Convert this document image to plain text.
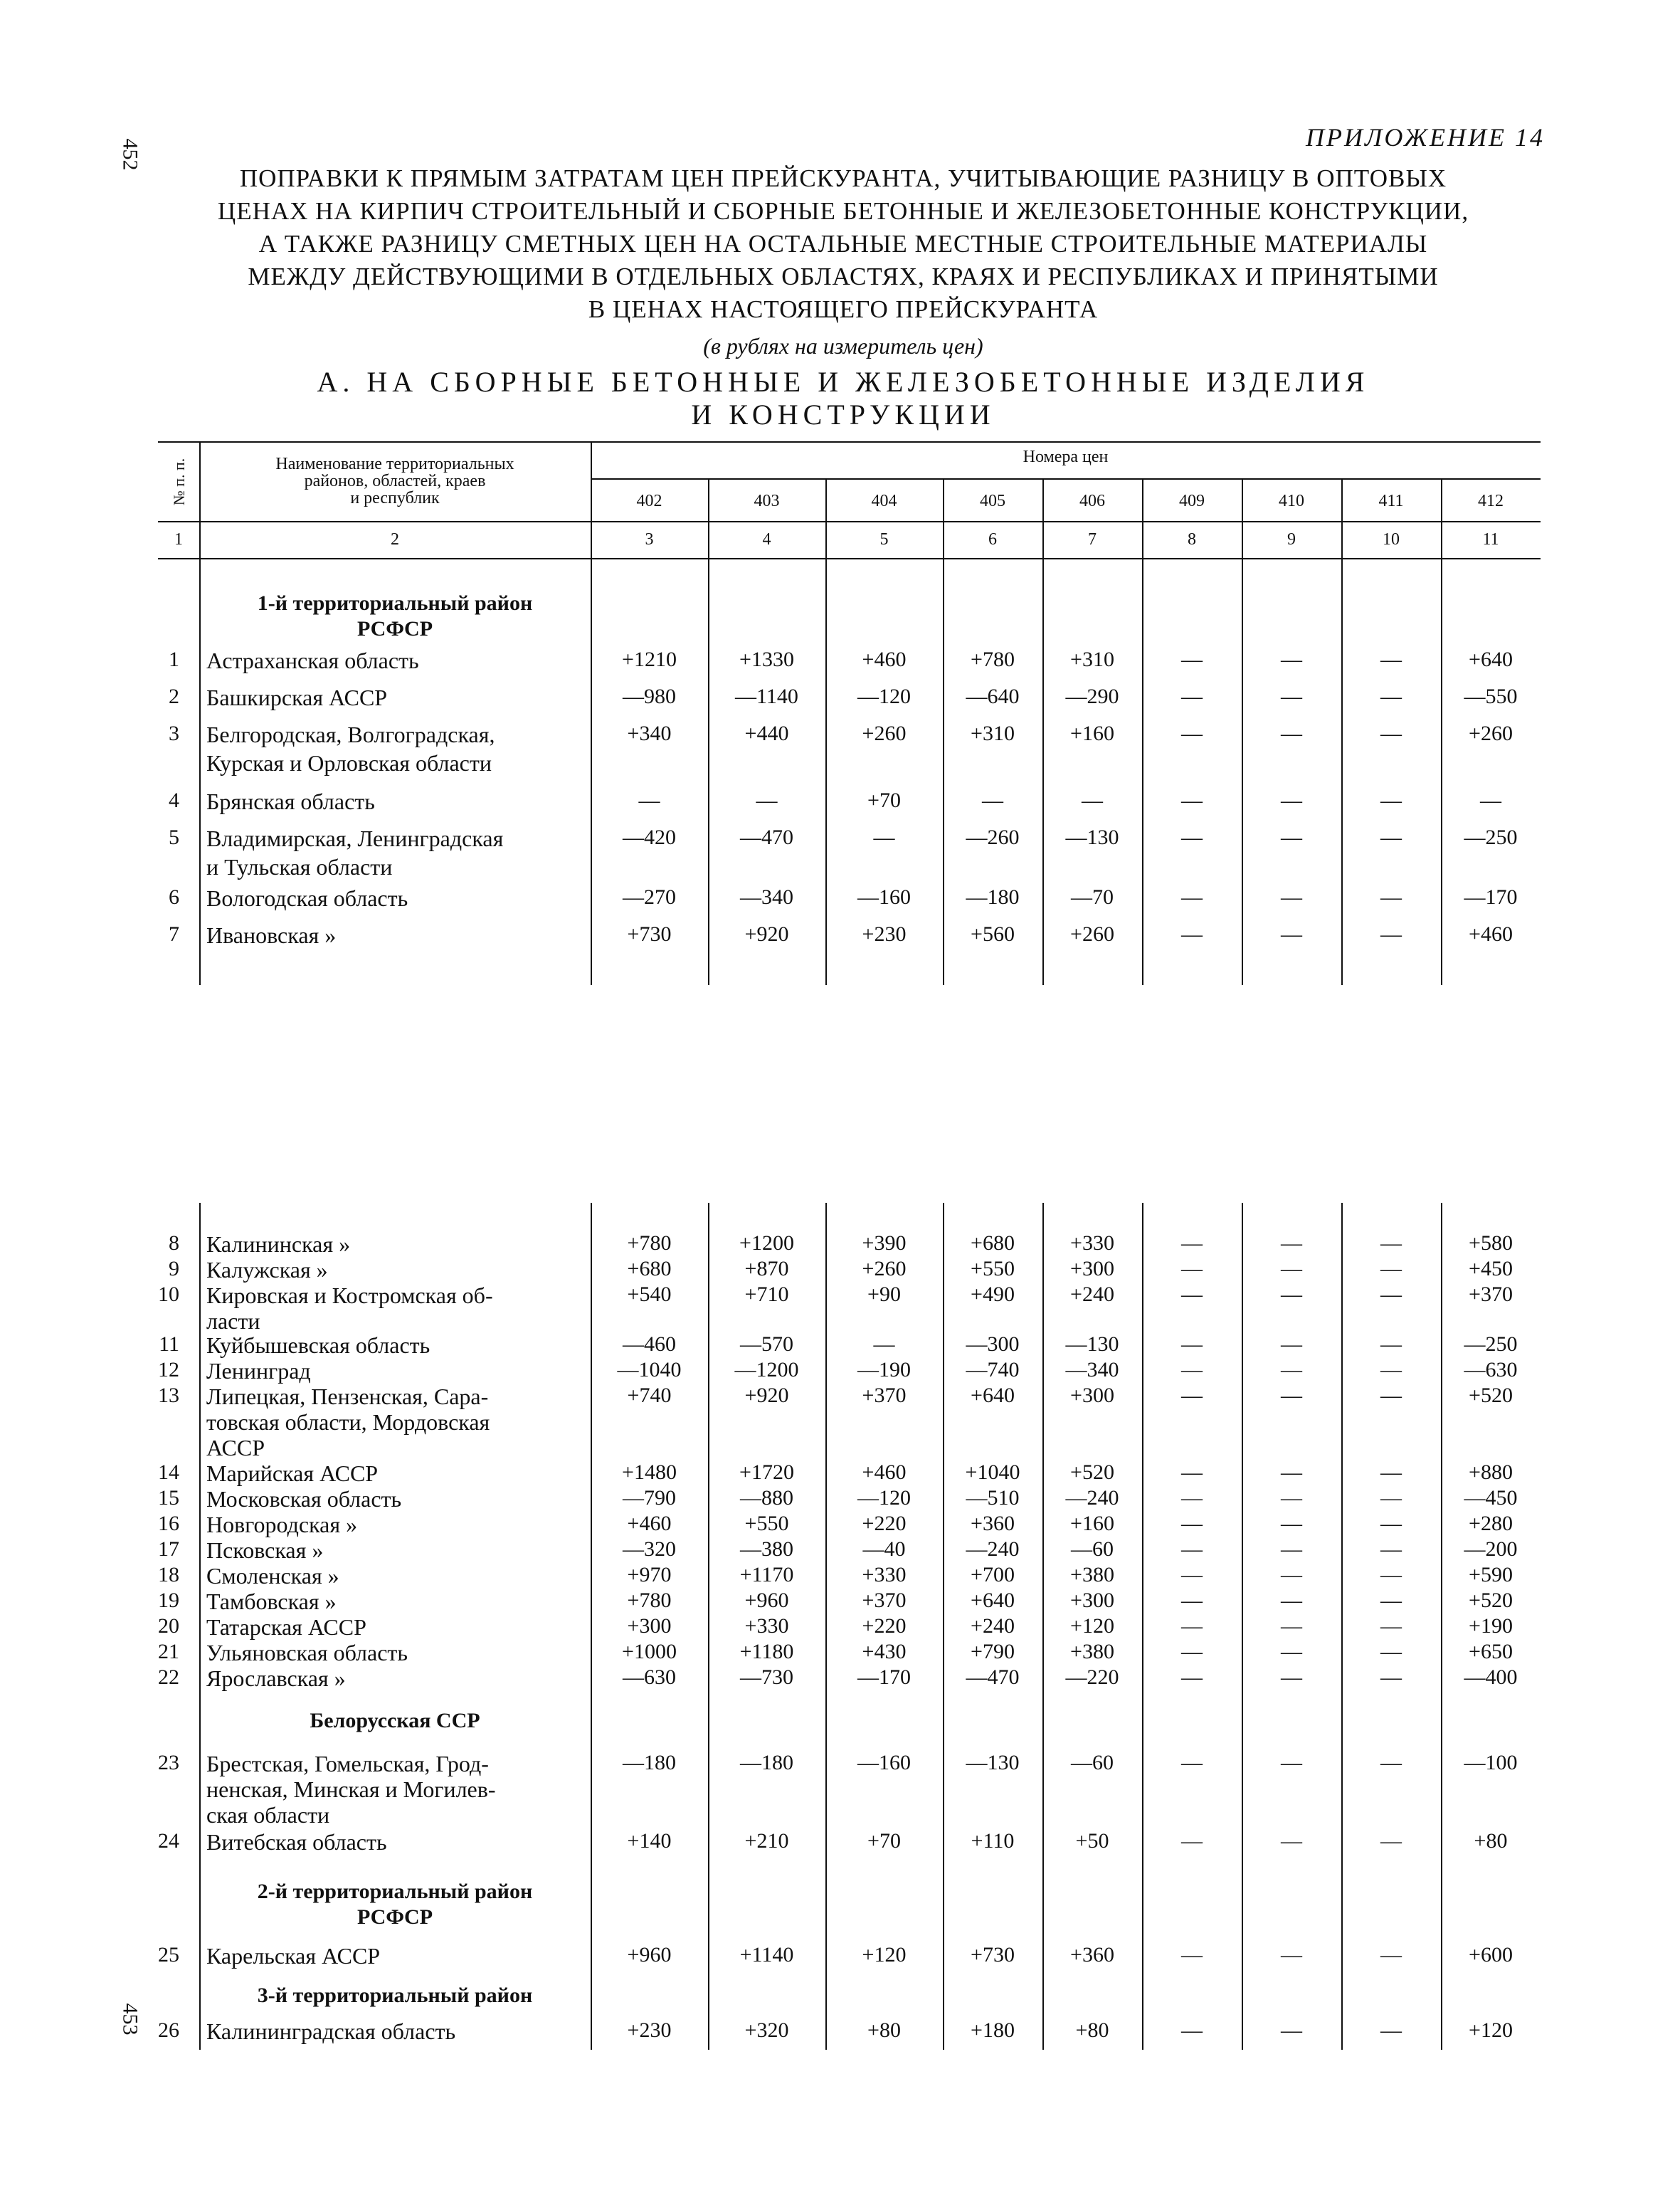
452
453
ПРИЛОЖЕНИЕ 14
ПОПРАВКИ К ПРЯМЫМ ЗАТРАТАМ ЦЕН ПРЕЙСКУРАНТА, УЧИТЫВАЮЩИЕ РАЗНИЦУ В ОПТОВЫХ
ЦЕНАХ НА КИРПИЧ СТРОИТЕЛЬНЫЙ И СБОРНЫЕ БЕТОННЫЕ И ЖЕЛЕЗОБЕТОННЫЕ КОНСТРУКЦИИ,
А ТАКЖЕ РАЗНИЦУ СМЕТНЫХ ЦЕН НА ОСТАЛЬНЫЕ МЕСТНЫЕ СТРОИТЕЛЬНЫЕ МАТЕРИАЛЫ
МЕЖДУ ДЕЙСТВУЮЩИМИ В ОТДЕЛЬНЫХ ОБЛАСТЯХ, КРАЯХ И РЕСПУБЛИКАХ И ПРИНЯТЫМИ
В ЦЕНАХ НАСТОЯЩЕГО ПРЕЙСКУРАНТА
(в рублях на измеритель цен)
А. НА СБОРНЫЕ БЕТОННЫЕ И ЖЕЛЕЗОБЕТОННЫЕ ИЗДЕЛИЯ
И КОНСТРУКЦИИ
№ п. п.	Наименование территориальных
районов, областей, краев
и республик
Номера цен
402	403	404	405	406	409	410	411	412
1	2	3	4	5	6	7	8	9	10	11
1-й территориальный район
РСФСР
1 Астраханская область	+1210	+1330	+460	+780	+310	—	—	—	+640
2 Башкирская АССР	—980	—1140	—120	—640	—290	—	—	—	—550
3 Белгородская, Волгоградская,
Курская и Орловская области
+340	+440	+260	+310	+160	—	—	—	+260
4 Брянская область	—	—	+70	—	—	—	—	—	—
5 Владимирская, Ленинградская
и Тульская области
—420	—470	—	—260	—130	—	—	—	—250
6 Вологодская область	—270	—340	—160	—180	—70	—	—	—	—170
7 Ивановская »	+730	+920	+230	+560	+260	—	—	—	+460
8 Калининская »	+780	+1200	+390	+680	+330	—	—	—	+580
9 Калужская »	+680	+870	+260	+550	+300	—	—	—	+450
10 Кировская и Костромская об-
ласти
+540	+710	+90	+490	+240	—	—	—	+370
11 Куйбышевская область	—460	—570	—	—300	—130	—	—	—	—250
12 Ленинград	—1040	—1200	—190	—740	—340	—	—	—	—630
13 Липецкая, Пензенская, Сара-
товская области, Мордовская
АССР
+740	+920	+370	+640	+300	—	—	—	+520
14 Марийская АССР	+1480	+1720	+460	+1040	+520	—	—	—	+880
15 Московская область	—790	—880	—120	—510	—240	—	—	—	—450
16 Новгородская »	+460	+550	+220	+360	+160	—	—	—	+280
17 Псковская »	—320	—380	—40	—240	—60	—	—	—	—200
18 Смоленская »	+970	+1170	+330	+700	+380	—	—	—	+590
19 Тамбовская »	+780	+960	+370	+640	+300	—	—	—	+520
20 Татарская АССР	+300	+330	+220	+240	+120	—	—	—	+190
21 Ульяновская область	+1000	+1180	+430	+790	+380	—	—	—	+650
22 Ярославская »	—630	—730	—170	—470	—220	—	—	—	—400
Белорусская ССР
23 Брестская, Гомельская, Грод-
ненская, Минская и Могилев-
ская области
—180	—180	—160	—130	—60	—	—	—	—100
24 Витебская область	+140	+210	+70	+110	+50	—	—	—	+80
2-й территориальный район
РСФСР
25 Карельская АССР	+960	+1140	+120	+730	+360	—	—	—	+600
3-й территориальный район
26 Калининградская область	+230	+320	+80	+180	+80	—	—	—	+120
